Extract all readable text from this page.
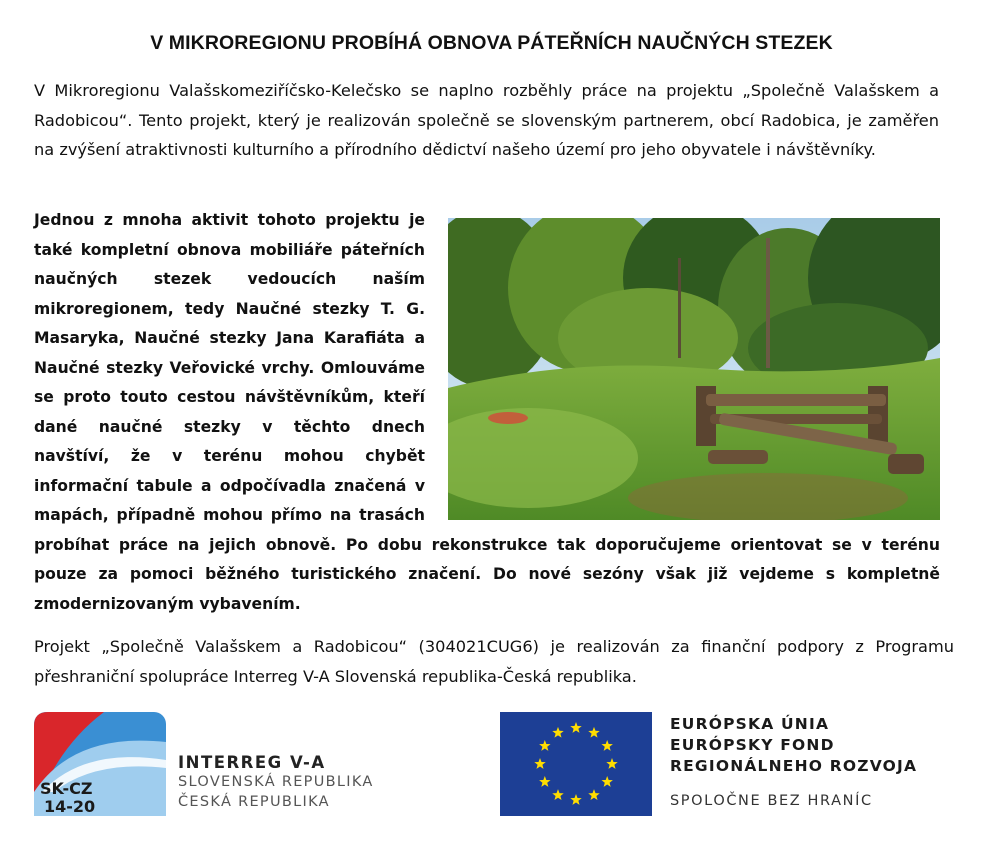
V MIKROREGIONU PROBÍHÁ OBNOVA PÁTEŘNÍCH NAUČNÝCH STEZEK
V Mikroregionu Valašskomeziříčsko-Kelečsko se naplno rozběhly práce na projektu „Společně Valašskem a Radobicou“. Tento projekt, který je realizován společně se slovenským partnerem, obcí Radobica, je zaměřen na zvýšení atraktivnosti kulturního a přírodního dědictví našeho území pro jeho obyvatele i návštěvníky.
Jednou z mnoha aktivit tohoto projektu je také kompletní obnova mobiliáře páteřních naučných stezek vedoucích naším mikroregionem, tedy Naučné stezky T. G. Masaryka, Naučné stezky Jana Karafiáta a Naučné stezky Veřovické vrchy. Omlouváme se proto touto cestou návštěvníkům, kteří dané naučné stezky v těchto dnech navštíví, že v terénu mohou chybět informační tabule a odpočívadla značená v mapách, případně mohou přímo na trasách probíhat práce na jejich obnově. Po dobu rekonstrukce tak doporučujeme orientovat se v terénu pouze za pomoci běžného turistického značení. Do nové sezóny však již vejdeme s kompletně zmodernizovaným vybavením.
Projekt „Společně Valašskem a Radobicou“ (304021CUG6) je realizován za finanční podpory z Programu přeshraniční spolupráce Interreg V-A Slovenská republika-Česká republika.
SK-CZ
14-20
INTERREG V-A
SLOVENSKÁ REPUBLIKA
ČESKÁ REPUBLIKA
EURÓPSKA ÚNIA
EURÓPSKY FOND
REGIONÁLNEHO ROZVOJA
SPOLOČNE BEZ HRANÍC
